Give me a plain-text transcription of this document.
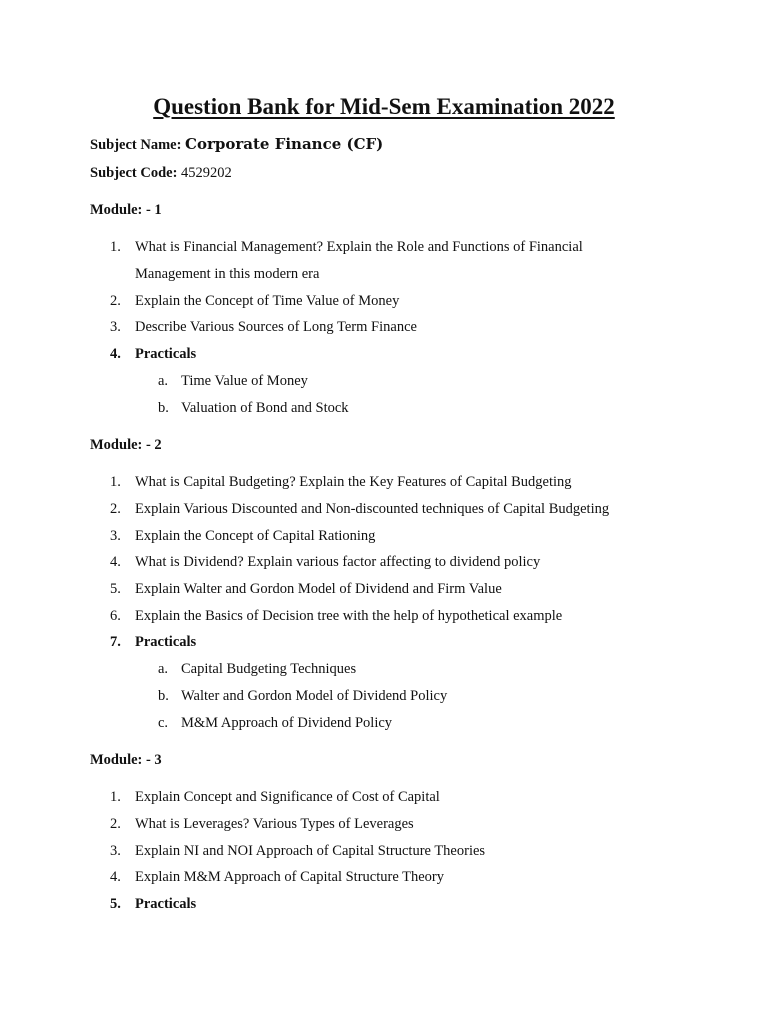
Question Bank for Mid-Sem Examination 2022
Subject Name: Corporate Finance (CF)
Subject Code: 4529202
Module: - 1
1. What is Financial Management? Explain the Role and Functions of Financial
Management in this modern era
2. Explain the Concept of Time Value of Money
3. Describe Various Sources of Long Term Finance
4. Practicals
a. Time Value of Money
b. Valuation of Bond and Stock
Module: - 2
1. What is Capital Budgeting? Explain the Key Features of Capital Budgeting
2. Explain Various Discounted and Non-discounted techniques of Capital Budgeting
3. Explain the Concept of Capital Rationing
4. What is Dividend? Explain various factor affecting to dividend policy
5. Explain Walter and Gordon Model of Dividend and Firm Value
6. Explain the Basics of Decision tree with the help of hypothetical example
7. Practicals
a. Capital Budgeting Techniques
b. Walter and Gordon Model of Dividend Policy
c. M&M Approach of Dividend Policy
Module: - 3
1. Explain Concept and Significance of Cost of Capital
2. What is Leverages? Various Types of Leverages
3. Explain NI and NOI Approach of Capital Structure Theories
4. Explain M&M Approach of Capital Structure Theory
5. Practicals
